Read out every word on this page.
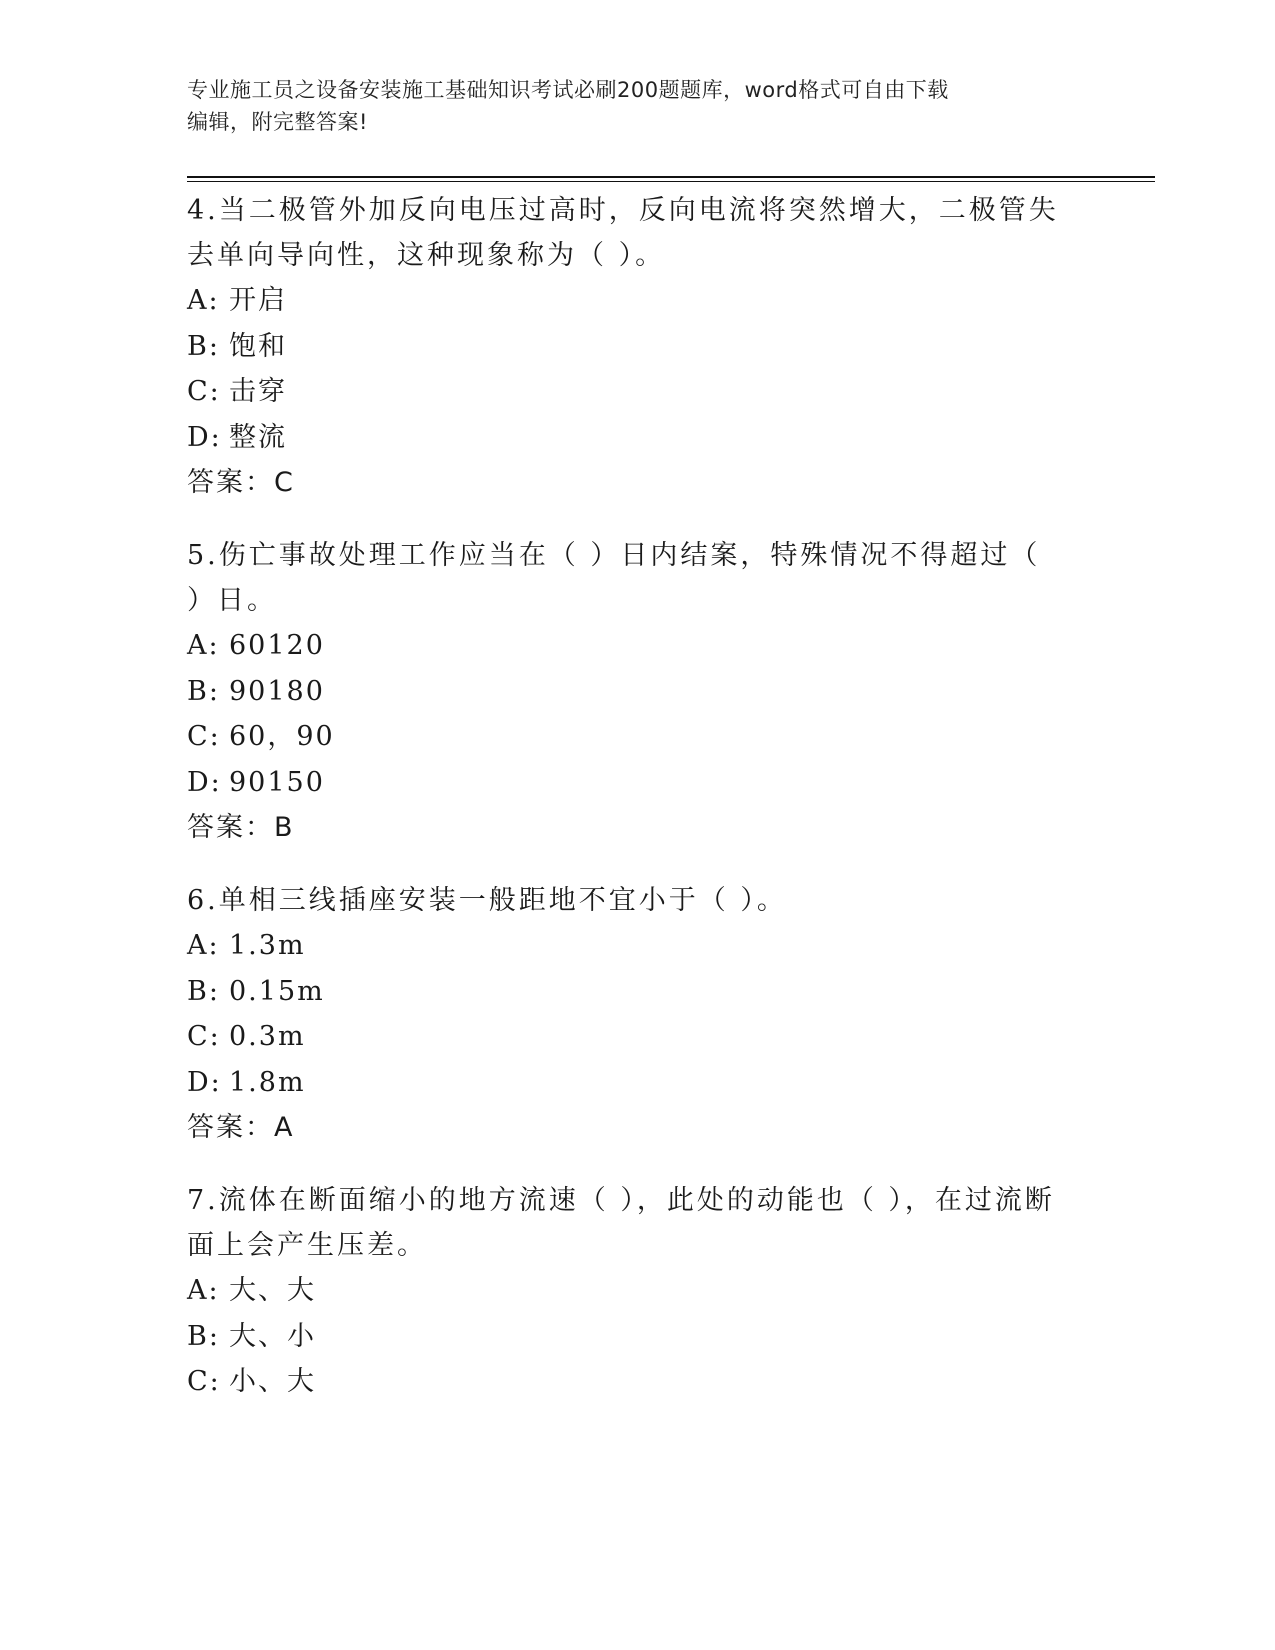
专业施工员之设备安装施工基础知识考试必刷200题题库，word格式可自由下载
编辑，附完整答案!

4.当二极管外加反向电压过高时，反向电流将突然增大，二极管失去单向导向性，这种现象称为（ ）。

A: 开启

B: 饱和

C: 击穿

D: 整流

答案：C

5.伤亡事故处理工作应当在（ ）日内结案，特殊情况不得超过（ ）日。

A: 60120

B: 90180

C: 60，90

D: 90150

答案：B

6.单相三线插座安装一般距地不宜小于（ ）。

A: 1.3m

B: 0.15m

C: 0.3m

D: 1.8m

答案：A

7.流体在断面缩小的地方流速（ ），此处的动能也（ ），在过流断面上会产生压差。

A: 大、大

B: 大、小

C: 小、大
